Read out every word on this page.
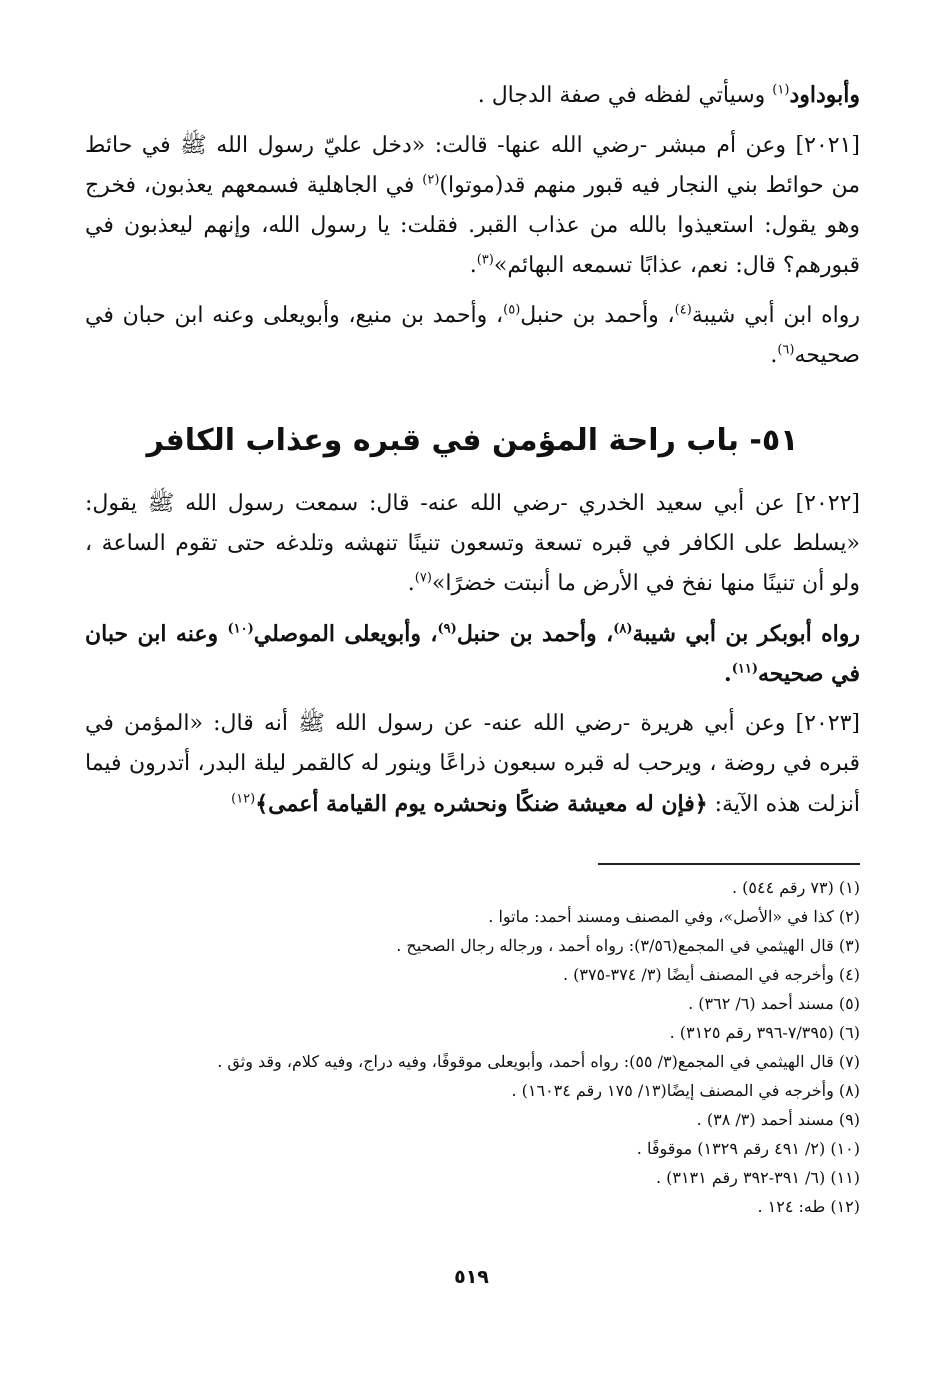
وأبوداود$^{(١)}$ وسيأتي لفظه في صفة الدجال .

[٢٠٢١] وعن أم مبشر -رضي الله عنها- قالت: «دخل عليّ رسول الله ﷺ في حائط من حوائط بني النجار فيه قبور منهم قد(موتوا)$^{(٢)}$ في الجاهلية فسمعهم يعذبون، فخرج وهو يقول: استعيذوا بالله من عذاب القبر. فقلت: يا رسول الله، وإنهم ليعذبون في قبورهم؟ قال: نعم، عذابًا تسمعه البهائم»$^{(٣)}$.

رواه ابن أبي شيبة$^{(٤)}$، وأحمد بن حنبل$^{(٥)}$، وأحمد بن منيع، وأبويعلى وعنه ابن حبان في صحيحه$^{(٦)}$.

٥١- باب راحة المؤمن في قبره وعذاب الكافر

[٢٠٢٢] عن أبي سعيد الخدري -رضي الله عنه- قال: سمعت رسول الله ﷺ يقول: «يسلط على الكافر في قبره تسعة وتسعون تنينًا تنهشه وتلدغه حتى تقوم الساعة ، ولو أن تنينًا منها نفخ في الأرض ما أنبتت خضرًا»$^{(٧)}$.

رواه أبوبكر بن أبي شيبة$^{(٨)}$، وأحمد بن حنبل$^{(٩)}$، وأبويعلى الموصلي$^{(١٠)}$ وعنه ابن حبان في صحيحه$^{(١١)}$.

[٢٠٢٣] وعن أبي هريرة -رضي الله عنه- عن رسول الله ﷺ أنه قال: «المؤمن في قبره في روضة ، ويرحب له قبره سبعون ذراعًا وينور له كالقمر ليلة البدر، أتدرون فيما أنزلت هذه الآية: ﴿فإن له معيشة ضنكًا ونحشره يوم القيامة أعمى﴾$^{(١٢)}$

(١) (٧٣ رقم ٥٤٤) .

(٢) كذا في «الأصل»، وفي المصنف ومسند أحمد: ماتوا .

(٣) قال الهيثمي في المجمع(٣/٥٦): رواه أحمد ، ورجاله رجال الصحيح .

(٤) وأخرجه في المصنف أيضًا (٣/ ٣٧٤-٣٧٥) .

(٥) مسند أحمد (٦/ ٣٦٢) .

(٦) (٧/٣٩٥-٣٩٦ رقم ٣١٢٥) .

(٧) قال الهيثمي في المجمع(٣/ ٥٥): رواه أحمد، وأبويعلى موقوفًا، وفيه دراج، وفيه كلام، وقد وثق .

(٨) وأخرجه في المصنف إيضًا(١٣/ ١٧٥ رقم ١٦٠٣٤) .

(٩) مسند أحمد (٣/ ٣٨) .

(١٠) (٢/ ٤٩١ رقم ١٣٢٩) موقوفًا .

(١١) (٦/ ٣٩١-٣٩٢ رقم ٣١٣١) .

(١٢) طه: ١٢٤ .

٥١٩
